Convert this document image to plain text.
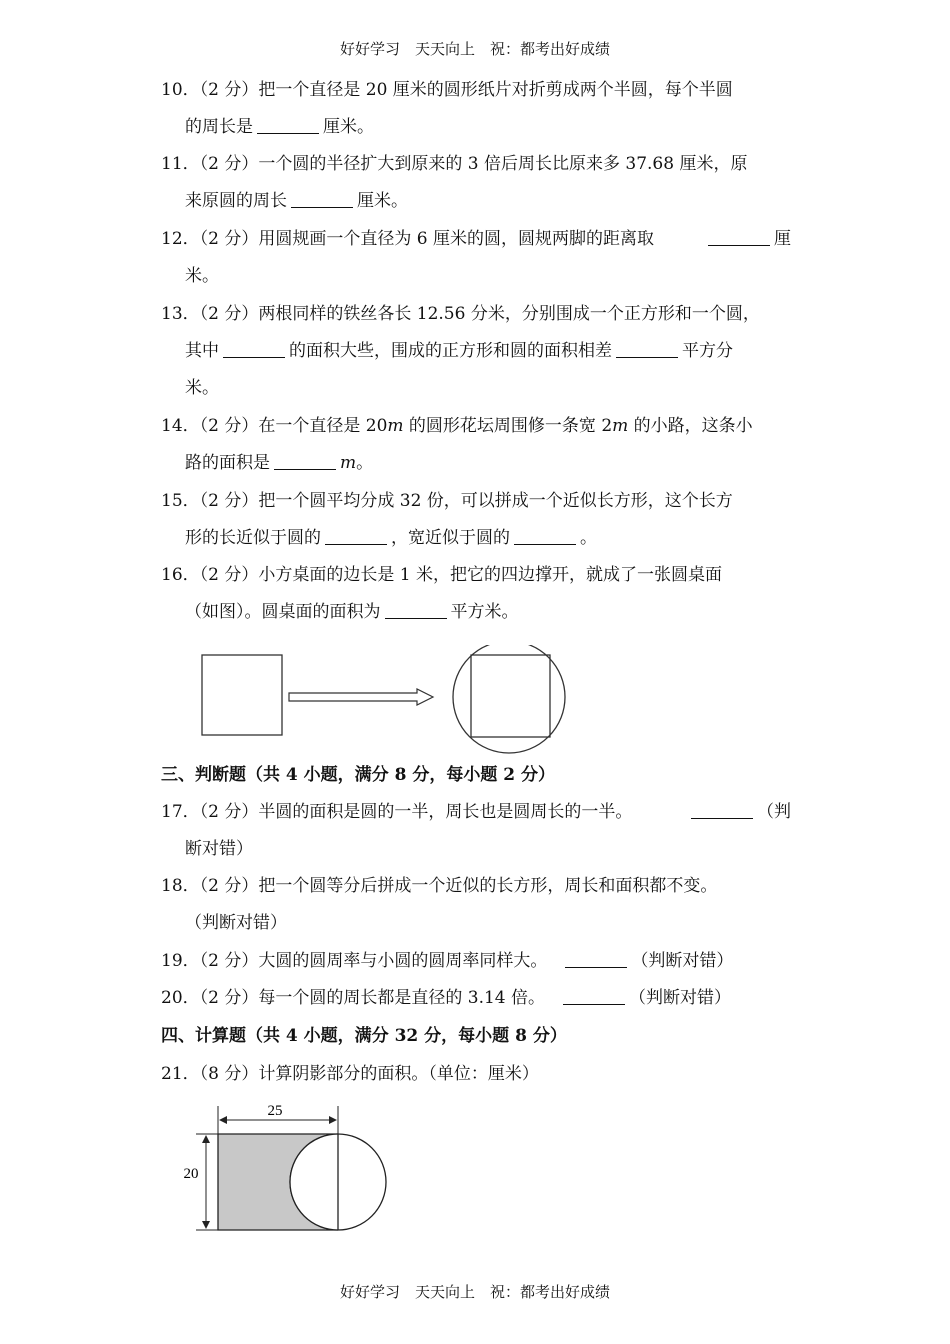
好好学习　天天向上　祝：都考出好成绩
10．（2 分）把一个直径是 20 厘米的圆形纸片对折剪成两个半圆，每个半圆
的周长是	厘米。
11．（2 分）一个圆的半径扩大到原来的 3 倍后周长比原来多 37.68 厘米，原
来原圆的周长	厘米。
12．（2 分）用圆规画一个直径为 6 厘米的圆，圆规两脚的距离取	厘
米。
13．（2 分）两根同样的铁丝各长 12.56 分米，分别围成一个正方形和一个圆，
其中	的面积大些，围成的正方形和圆的面积相差	平方分
米。
14．（2 分）在一个直径是 20m 的圆形花坛周围修一条宽 2m 的小路，这条小
路的面积是	m。
15．（2 分）把一个圆平均分成 32 份，可以拼成一个近似长方形，这个长方
形的长近似于圆的	，宽近似于圆的	。
16．（2 分）小方桌面的边长是 1 米，把它的四边撑开，就成了一张圆桌面
（如图）。圆桌面的面积为	平方米。
三、判断题（共 4 小题，满分 8 分，每小题 2 分）
17．（2 分）半圆的面积是圆的一半，周长也是圆周长的一半。	（判
断对错）
18．（2 分）把一个圆等分后拼成一个近似的长方形，周长和面积都不变。
（判断对错）
19．（2 分）大圆的圆周率与小圆的圆周率同样大。	（判断对错）
20．（2 分）每一个圆的周长都是直径的 3.14 倍。	（判断对错）
四、计算题（共 4 小题，满分 32 分，每小题 8 分）
21．（8 分）计算阴影部分的面积。（单位：厘米）
25
20
好好学习　天天向上　祝：都考出好成绩
